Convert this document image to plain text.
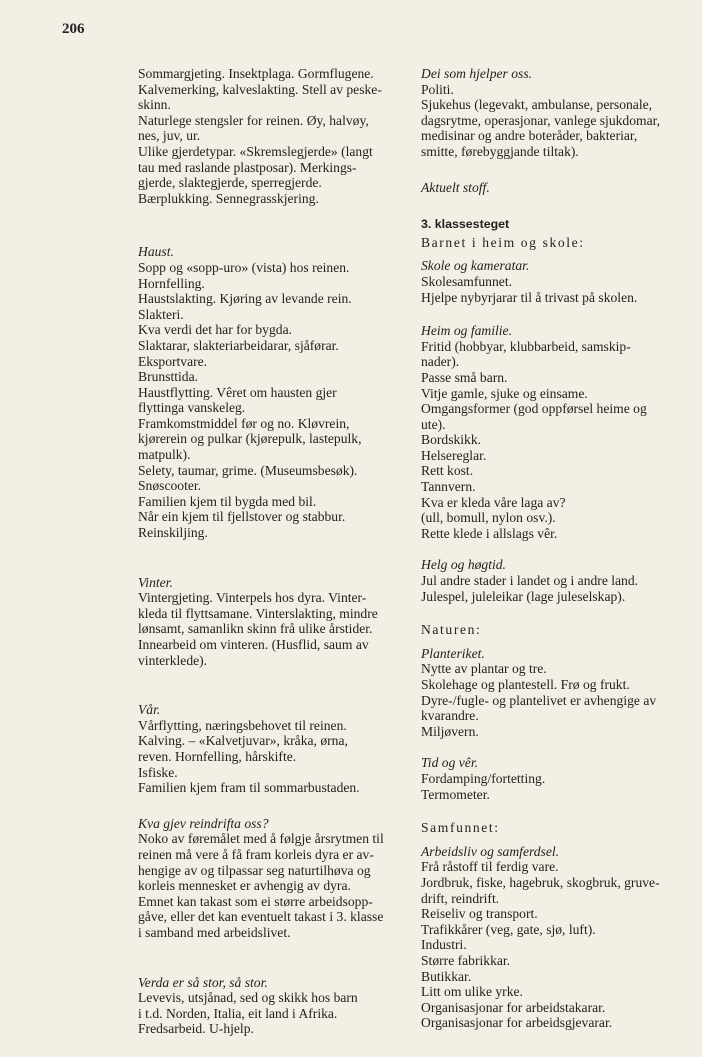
206

Sommargjeting. Insektplaga. Gormflugene.

Kalvemerking, kalveslakting. Stell av peske-

skinn.

Naturlege stengsler for reinen. Øy, halvøy,

nes, juv, ur.

Ulike gjerdetypar. «Skremslegjerde» (langt

tau med raslande plastposar). Merkings-

gjerde, slaktegjerde, sperregjerde.

Bærplukking. Sennegrasskjering.

Haust.

Sopp og «sopp-uro» (vista) hos reinen.

Hornfelling.

Haustslakting. Kjøring av levande rein.

Slakteri.

Kva verdi det har for bygda.

Slaktarar, slakteriarbeidarar, sjåførar.

Eksportvare.

Brunsttida.

Haustflytting. Vêret om hausten gjer

flyttinga vanskeleg.

Framkomstmiddel før og no. Kløvrein,

kjørerein og pulkar (kjørepulk, lastepulk,

matpulk).

Selety, taumar, grime. (Museumsbesøk).

Snøscooter.

Familien kjem til bygda med bil.

Når ein kjem til fjellstover og stabbur.

Reinskiljing.

Vinter.

Vintergjeting. Vinterpels hos dyra. Vinter-

kleda til flyttsamane. Vinterslakting, mindre

lønsamt, samanlikn skinn frå ulike årstider.

Innearbeid om vinteren. (Husflid, saum av

vinterklede).

Vår.

Vårflytting, næringsbehovet til reinen.

Kalving. – «Kalvetjuvar», kråka, ørna,

reven. Hornfelling, hårskifte.

Isfiske.

Familien kjem fram til sommarbustaden.

Kva gjev reindrifta oss?

Noko av føremålet med å følgje årsrytmen til

reinen må vere å få fram korleis dyra er av-

hengige av og tilpassar seg naturtilhøva og

korleis mennesket er avhengig av dyra.

Emnet kan takast som ei større arbeidsopp-

gåve, eller det kan eventuelt takast i 3. klasse

i samband med arbeidslivet.

Verda er så stor, så stor.

Levevis, utsjånad, sed og skikk hos barn

i t.d. Norden, Italia, eit land i Afrika.

Fredsarbeid. U-hjelp.

Dei som hjelper oss.

Politi.

Sjukehus (legevakt, ambulanse, personale,

dagsrytme, operasjonar, vanlege sjukdomar,

medisinar og andre boteråder, bakteriar,

smitte, førebyggjande tiltak).

Aktuelt stoff.

3. klassesteget

Barnet i heim og skole:

Skole og kameratar.

Skolesamfunnet.

Hjelpe nybyrjarar til å trivast på skolen.

Heim og familie.

Fritid (hobbyar, klubbarbeid, samskip-

nader).

Passe små barn.

Vitje gamle, sjuke og einsame.

Omgangsformer (god oppførsel heime og

ute).

Bordskikk.

Helsereglar.

Rett kost.

Tannvern.

Kva er kleda våre laga av?

(ull, bomull, nylon osv.).

Rette klede i allslags vêr.

Helg og høgtid.

Jul andre stader i landet og i andre land.

Julespel, juleleikar (lage juleselskap).

Naturen:

Planteriket.

Nytte av plantar og tre.

Skolehage og plantestell. Frø og frukt.

Dyre-/fugle- og plantelivet er avhengige av

kvarandre.

Miljøvern.

Tid og vêr.

Fordamping/fortetting.

Termometer.

Samfunnet:

Arbeidsliv og samferdsel.

Frå råstoff til ferdig vare.

Jordbruk, fiske, hagebruk, skogbruk, gruve-

drift, reindrift.

Reiseliv og transport.

Trafikkårer (veg, gate, sjø, luft).

Industri.

Større fabrikkar.

Butikkar.

Litt om ulike yrke.

Organisasjonar for arbeidstakarar.

Organisasjonar for arbeidsgjevarar.
